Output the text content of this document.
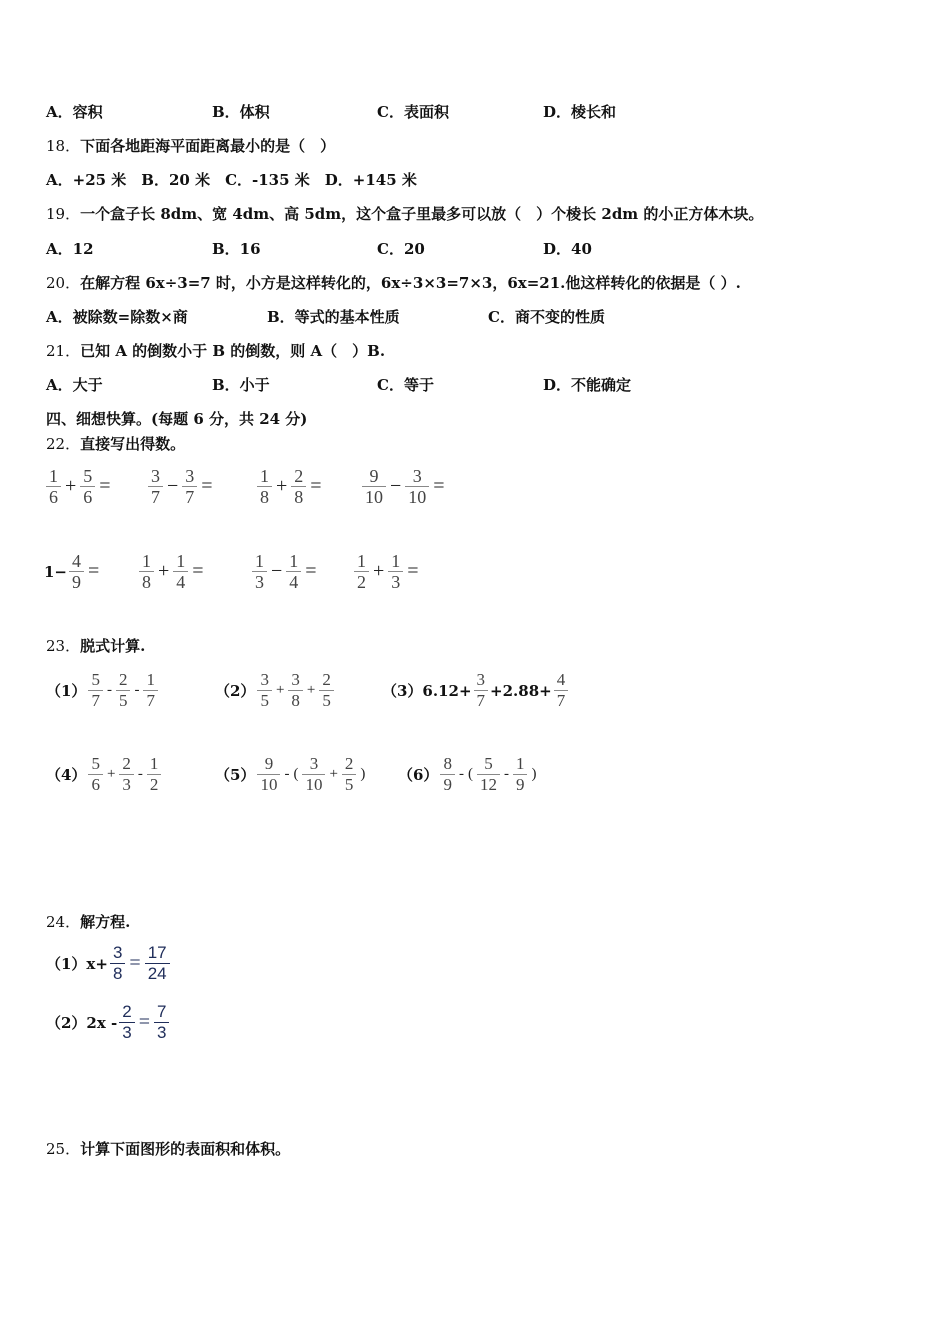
A．容积	B．体积	C．表面积	D．棱长和
18．下面各地距海平面距离最小的是（　）
A．+25 米　B．20 米　C．-135 米　D．+145 米
19．一个盒子长 8dm、宽 4dm、高 5dm，这个盒子里最多可以放（　）个棱长 2dm 的小正方体木块。
A．12	B．16	C．20	D．40
20．在解方程 6x÷3=7 时，小方是这样转化的，6x÷3×3=7×3，6x=21.他这样转化的依据是（ ）.
A．被除数=除数×商	B．等式的基本性质	C．商不变的性质
21．已知 A 的倒数小于 B 的倒数，则 A（　）B.
A．大于	B．小于	C．等于	D．不能确定
四、细想快算。(每题 6 分，共 24 分)
22．直接写出得数。
$\frac{1}{6} + \frac{5}{6} = \frac{3}{7} - \frac{3}{7} = \frac{1}{8} + \frac{2}{8} = \frac{9}{10} - \frac{3}{10}$ =
$1- \frac{4}{9} = \frac{1}{8} + \frac{1}{4}$ =	$\frac{1}{3} - \frac{1}{4} = \frac{1}{2} + \frac{1}{3}$ =
23．脱式计算.
$(1) \frac{5}{7} - \frac{2}{5} - \frac{1}{7}$	$(2) \frac{3}{5} + \frac{3}{8} + \frac{2}{5}$	$(3)6.12+ \frac{3}{7} +2.88+ \frac{4}{7}$
$(4) \frac{5}{6} + \frac{2}{3} - \frac{1}{2}$	$(5) \frac{9}{10}$ - ( $\frac{3}{10} + \frac{2}{5}$ ) $(6) \frac{8}{9}$ - ( $\frac{5}{12} - \frac{1}{9}$ )
24．解方程.
$(1)x+ \frac{3}{8} = \frac{17}{24}$
$(2)2x - \frac{2}{3} = \frac{7}{3}$
25．计算下面图形的表面积和体积。
